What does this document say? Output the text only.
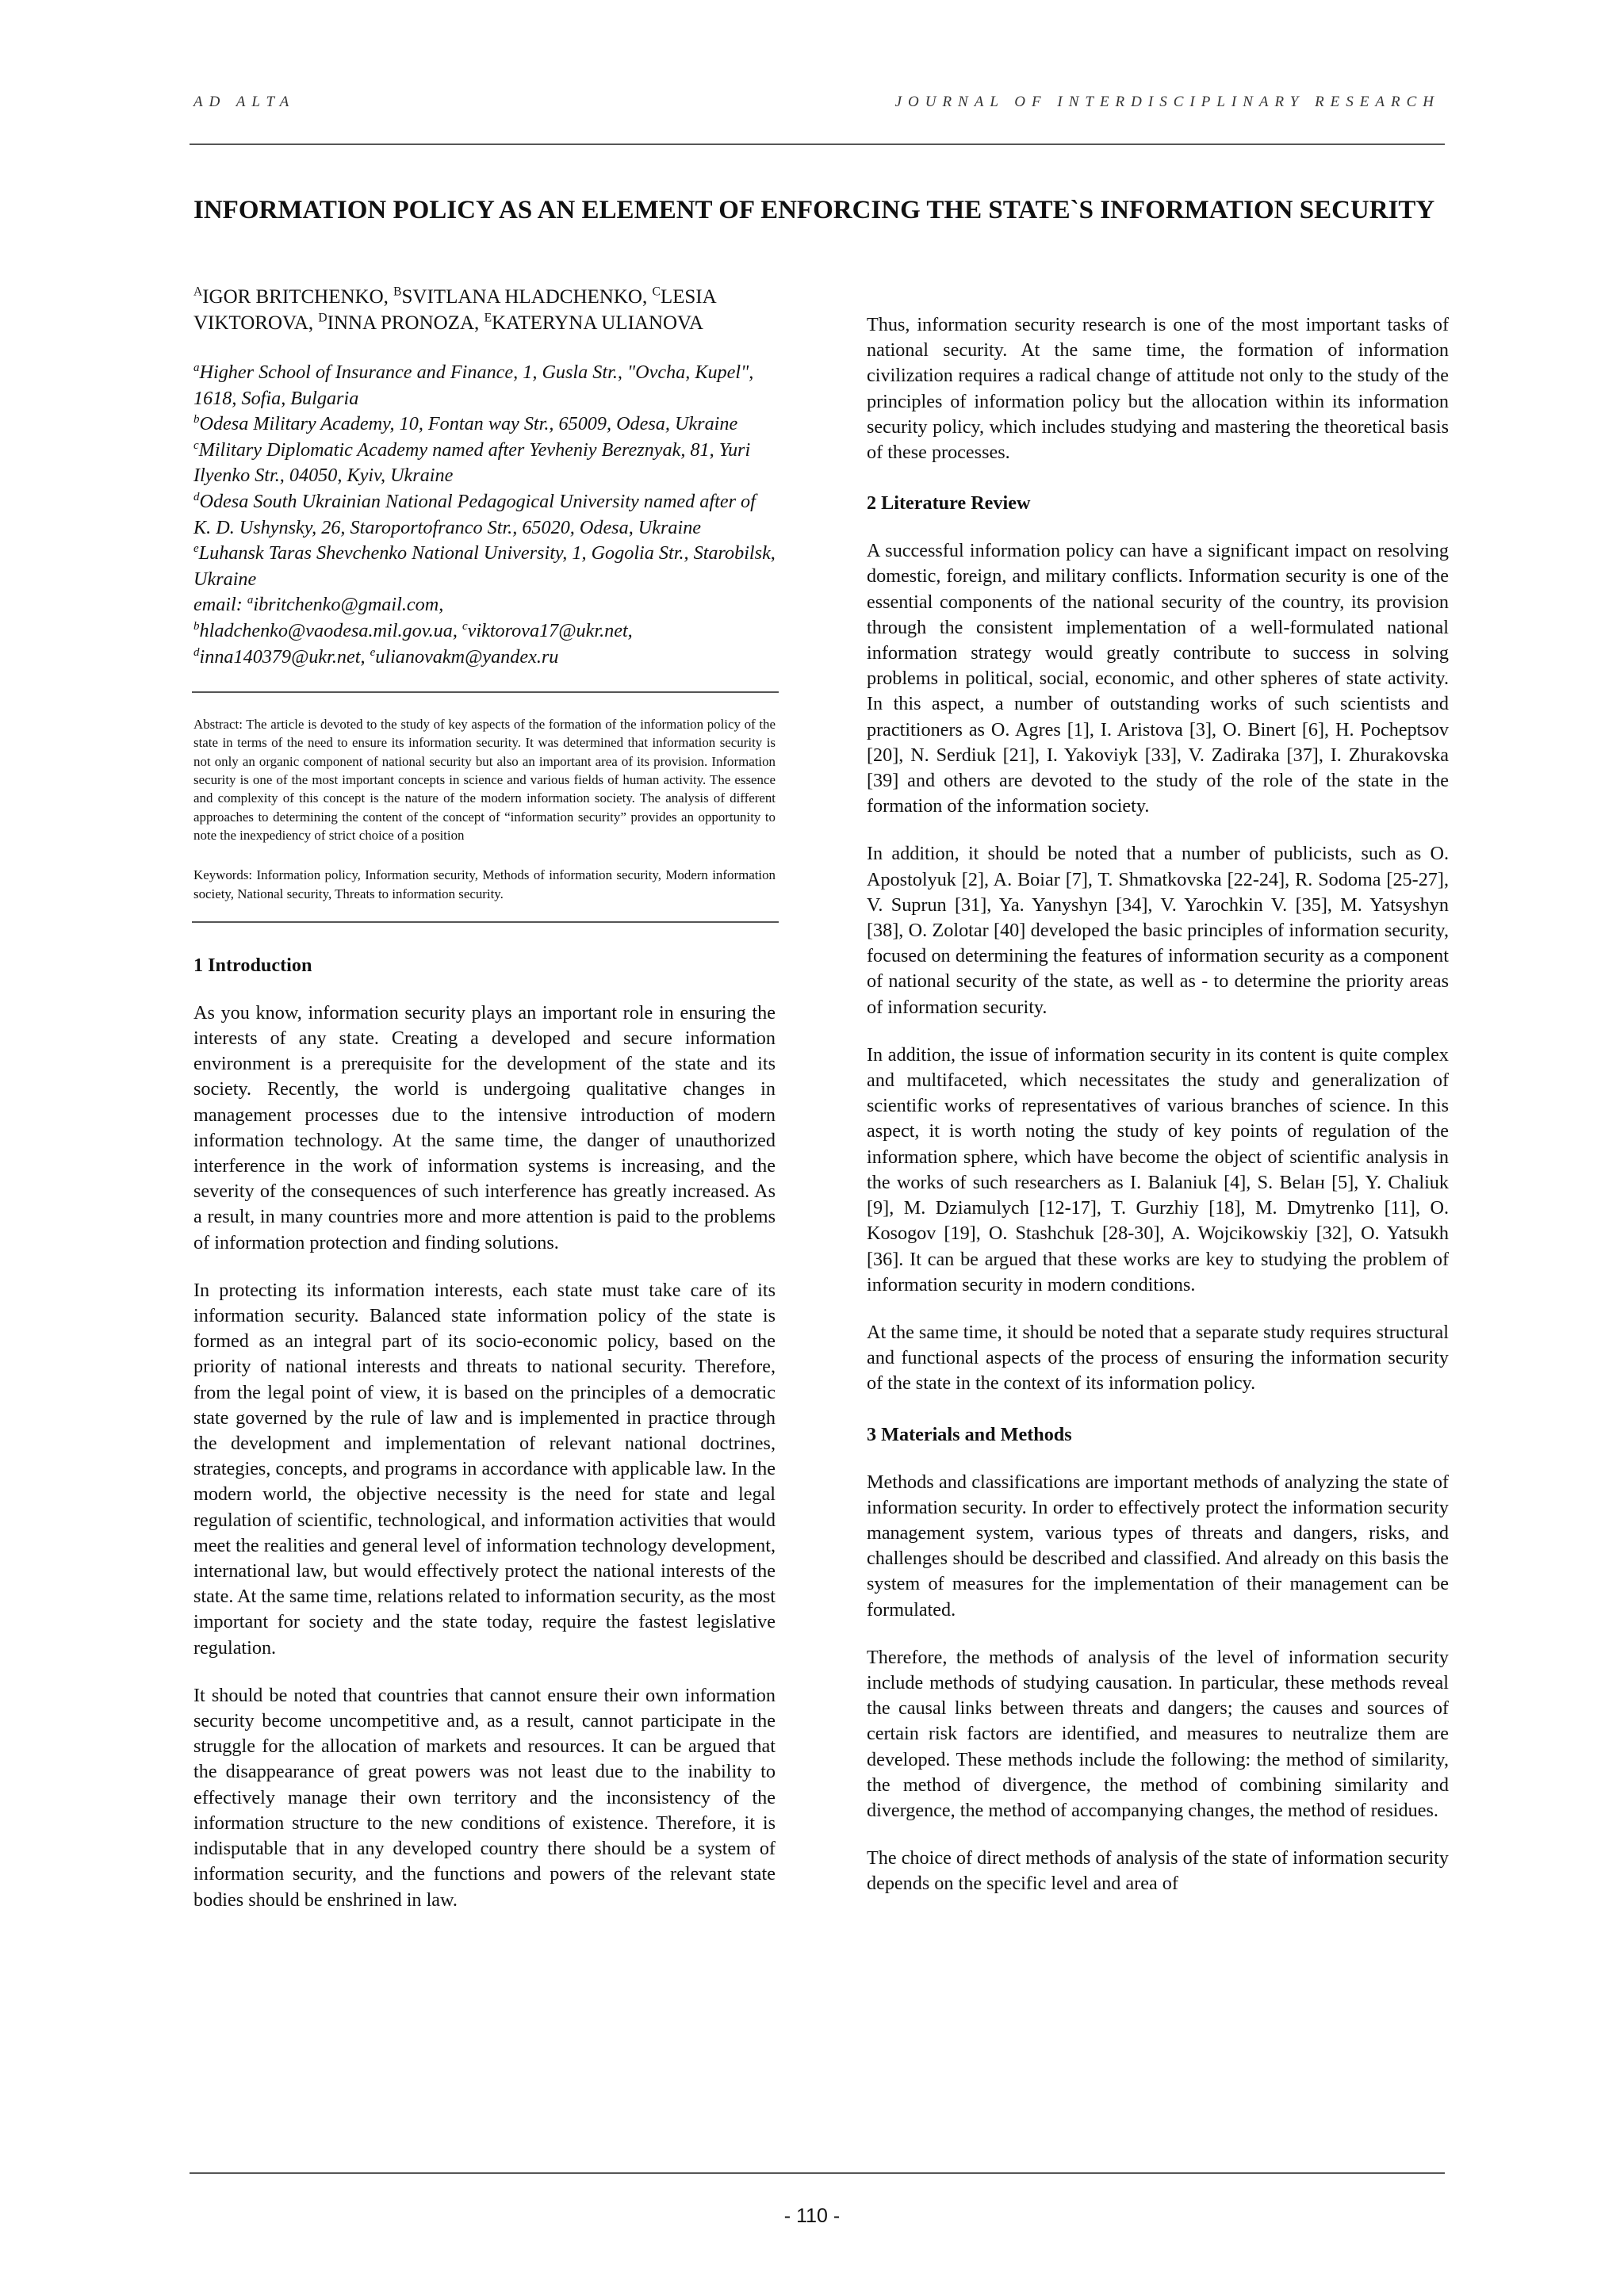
AD ALTA	JOURNAL OF INTERDISCIPLINARY RESEARCH
INFORMATION POLICY AS AN ELEMENT OF ENFORCING THE STATE`S INFORMATION SECURITY

$^A$IGOR BRITCHENKO, $^B$SVITLANA HLADCHENKO, $^C$LESIA VIKTOROVA, $^D$INNA PRONOZA, $^E$KATERYNA ULIANOVA

$^a$Higher School of Insurance and Finance, 1, Gusla Str., "Ovcha, Kupel", 1618, Sofia, Bulgaria
$^b$Odesa Military Academy, 10, Fontan way Str., 65009, Odesa, Ukraine
$^c$Military Diplomatic Academy named after Yevheniy Bereznyak, 81, Yuri Ilyenko Str., 04050, Kyiv, Ukraine
$^d$Odesa South Ukrainian National Pedagogical University named after of K. D. Ushynsky, 26, Staroportofranco Str., 65020, Odesa, Ukraine
$^e$Luhansk Taras Shevchenko National University, 1, Gogolia Str., Starobilsk, Ukraine
email: $^a$ibritchenko@gmail.com,
$^b$hladchenko@vaodesa.mil.gov.ua, $^c$viktorova17@ukr.net,
$^d$inna140379@ukr.net, $^e$ulianovakm@yandex.ru

Abstract: The article is devoted to the study of key aspects of the formation of the information policy of the state in terms of the need to ensure its information security. It was determined that information security is not only an organic component of national security but also an important area of its provision. Information security is one of the most important concepts in science and various fields of human activity. The essence and complexity of this concept is the nature of the modern information society. The analysis of different approaches to determining the content of the concept of “information security” provides an opportunity to note the inexpediency of strict choice of a position

Keywords: Information policy, Information security, Methods of information security, Modern information society, National security, Threats to information security.

1 Introduction

As you know, information security plays an important role in ensuring the interests of any state. Creating a developed and secure information environment is a prerequisite for the development of the state and its society. Recently, the world is undergoing qualitative changes in management processes due to the intensive introduction of modern information technology. At the same time, the danger of unauthorized interference in the work of information systems is increasing, and the severity of the consequences of such interference has greatly increased. As a result, in many countries more and more attention is paid to the problems of information protection and finding solutions.

In protecting its information interests, each state must take care of its information security. Balanced state information policy of the state is formed as an integral part of its socio-economic policy, based on the priority of national interests and threats to national security. Therefore, from the legal point of view, it is based on the principles of a democratic state governed by the rule of law and is implemented in practice through the development and implementation of relevant national doctrines, strategies, concepts, and programs in accordance with applicable law. In the modern world, the objective necessity is the need for state and legal regulation of scientific, technological, and information activities that would meet the realities and general level of information technology development, international law, but would effectively protect the national interests of the state. At the same time, relations related to information security, as the most important for society and the state today, require the fastest legislative regulation.

It should be noted that countries that cannot ensure their own information security become uncompetitive and, as a result, cannot participate in the struggle for the allocation of markets and resources. It can be argued that the disappearance of great powers was not least due to the inability to effectively manage their own territory and the inconsistency of the information structure to the new conditions of existence. Therefore, it is indisputable that in any developed country there should be a system of information security, and the functions and powers of the relevant state bodies should be enshrined in law.

Thus, information security research is one of the most important tasks of national security. At the same time, the formation of information civilization requires a radical change of attitude not only to the study of the principles of information policy but the allocation within its information security policy, which includes studying and mastering the theoretical basis of these processes.

2 Literature Review

A successful information policy can have a significant impact on resolving domestic, foreign, and military conflicts. Information security is one of the essential components of the national security of the country, its provision through the consistent implementation of a well-formulated national information strategy would greatly contribute to success in solving problems in political, social, economic, and other spheres of state activity. In this aspect, a number of outstanding works of such scientists and practitioners as O. Agres [1], I. Aristova [3], O. Binert [6], H. Pocheptsov [20], N. Serdiuk [21], I. Yakoviyk [33], V. Zadiraka [37], I. Zhurakovska [39] and others are devoted to the study of the role of the state in the formation of the information society.

In addition, it should be noted that a number of publicists, such as O. Apostolyuk [2], A. Boiar [7], T. Shmatkovska [22-24], R. Sodoma [25-27], V. Suprun [31], Ya. Yanyshyn [34], V. Yarochkin V. [35], M. Yatsyshyn [38], O. Zolotar [40] developed the basic principles of information security, focused on determining the features of information security as a component of national security of the state, as well as - to determine the priority areas of information security.

In addition, the issue of information security in its content is quite complex and multifaceted, which necessitates the study and generalization of scientific works of representatives of various branches of science. In this aspect, it is worth noting the study of key points of regulation of the information sphere, which have become the object of scientific analysis in the works of such researchers as I. Balaniuk [4], S. Belaн [5], Y. Chaliuk [9], M. Dziamulych [12-17], T. Gurzhiy [18], M. Dmytrenko [11], O. Kosogov [19], O. Stashchuk [28-30], A. Wojcikowskiy [32], O. Yatsukh [36]. It can be argued that these works are key to studying the problem of information security in modern conditions.

At the same time, it should be noted that a separate study requires structural and functional aspects of the process of ensuring the information security of the state in the context of its information policy.

3 Materials and Methods

Methods and classifications are important methods of analyzing the state of information security. In order to effectively protect the information security management system, various types of threats and dangers, risks, and challenges should be described and classified. And already on this basis the system of measures for the implementation of their management can be formulated.

Therefore, the methods of analysis of the level of information security include methods of studying causation. In particular, these methods reveal the causal links between threats and dangers; the causes and sources of certain risk factors are identified, and measures to neutralize them are developed. These methods include the following: the method of similarity, the method of divergence, the method of combining similarity and divergence, the method of accompanying changes, the method of residues.

The choice of direct methods of analysis of the state of information security depends on the specific level and area of

- 110 -
